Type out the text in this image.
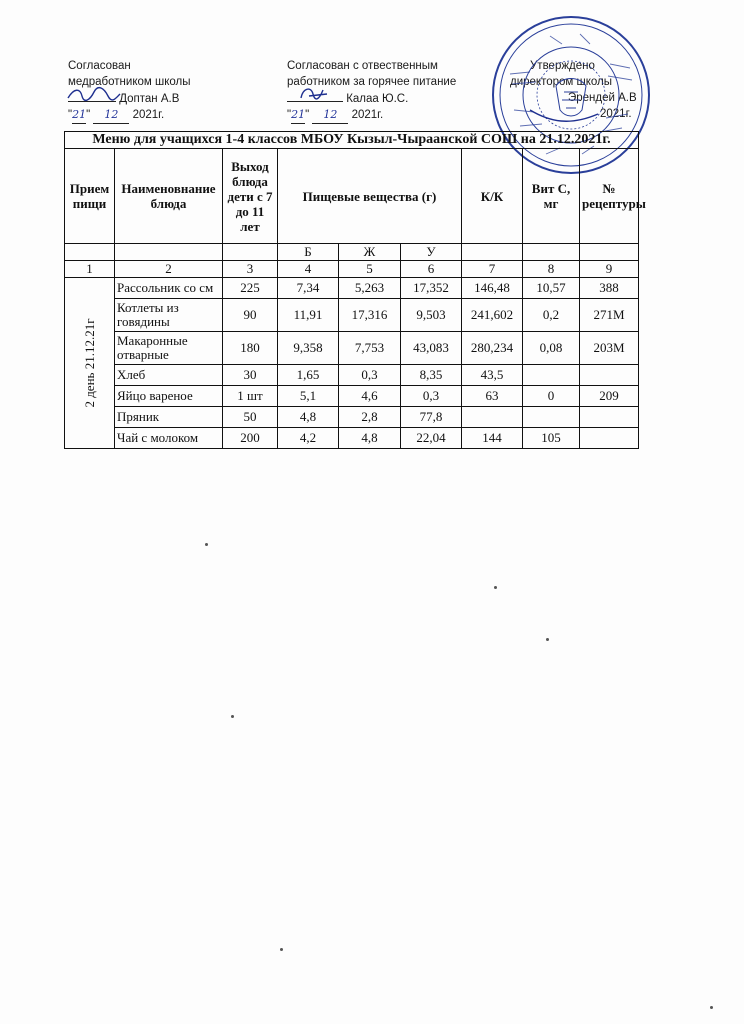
Согласован
медработником школы
Доптан А.В
"21" 12 2021г.
Согласован с отвественным
работником за горячее питание
Калаа Ю.С.
"21" 12 2021г.
Утверждено
директором школы
Эрендей А.В
2021г.
Меню для учащихся 1-4 классов МБОУ Кызыл-Чыраанской СОШ на 21.12.2021г.								
Прием пищи	Наименовнание блюда	Выход блюда дети с 7 до 11 лет	Пищевые вещества (г)			К/К	Вит С, мг	№ рецептуры
			Б	Ж	У			
1	2	3	4	5	6	7	8	9

2 день 21.12.21г	Рассольник со см	225	7,34	5,263	17,352	146,48	10,57	388
	Котлеты из говядины	90	11,91	17,316	9,503	241,602	0,2	271М
	Макаронные отварные	180	9,358	7,753	43,083	280,234	0,08	203М
	Хлеб	30	1,65	0,3	8,35	43,5		
	Яйцо вареное	1 шт	5,1	4,6	0,3	63	0	209
	Пряник	50	4,8	2,8	77,8			
	Чай с молоком	200	4,2	4,8	22,04	144	105	
